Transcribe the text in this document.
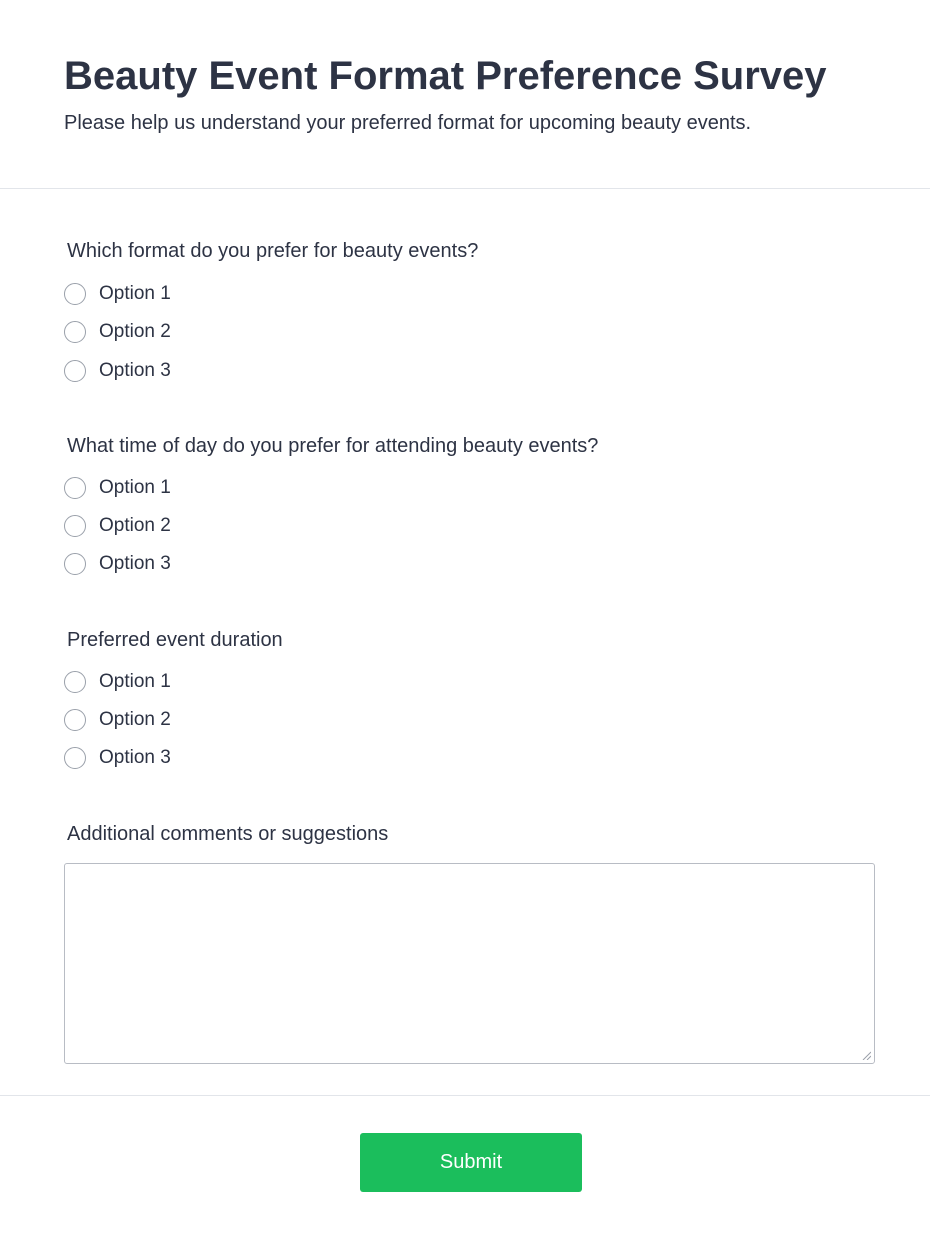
Beauty Event Format Preference Survey

Please help us understand your preferred format for upcoming beauty events.

Which format do you prefer for beauty events?
Option 1
Option 2
Option 3
What time of day do you prefer for attending beauty events?
Option 1
Option 2
Option 3
Preferred event duration
Option 1
Option 2
Option 3
Additional comments or suggestions
Submit
